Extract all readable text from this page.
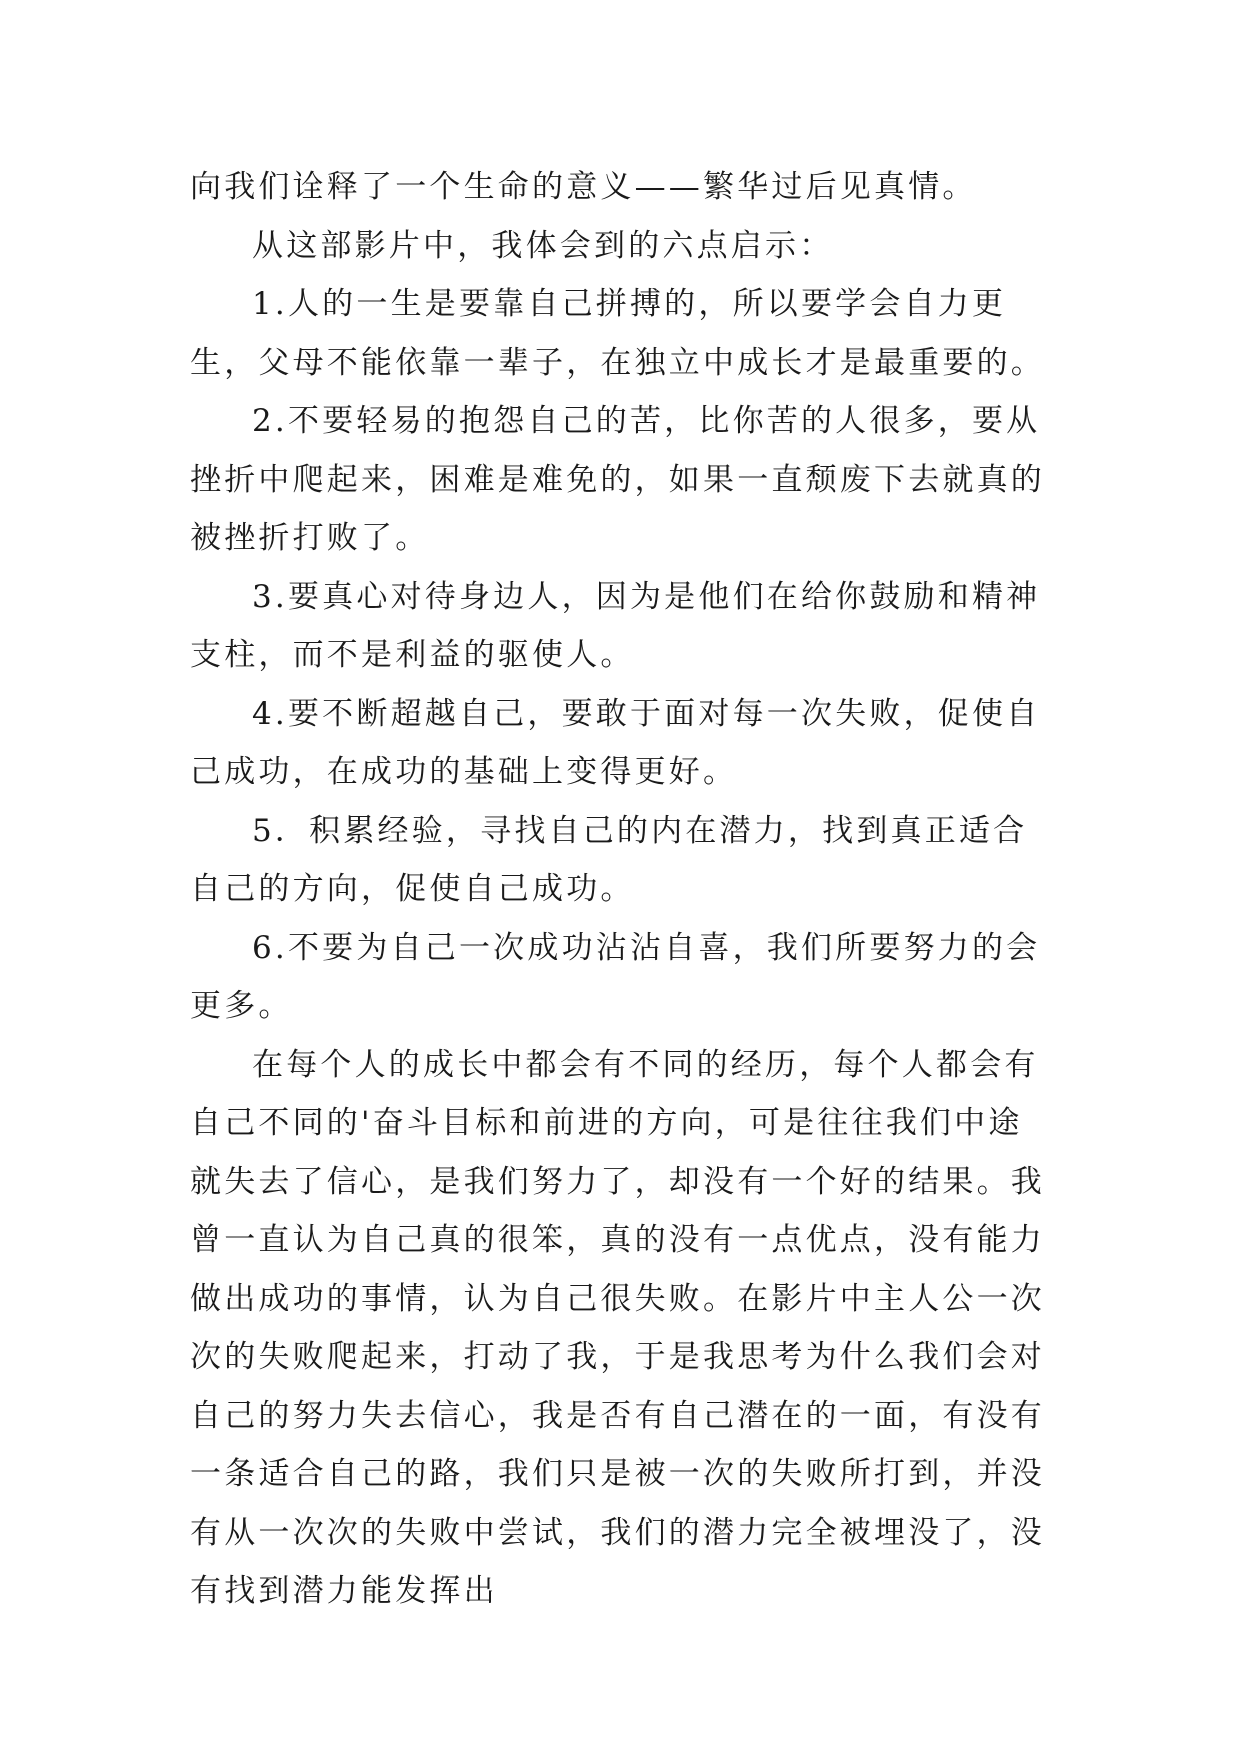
向我们诠释了一个生命的意义——繁华过后见真情。

从这部影片中，我体会到的六点启示：

1.人的一生是要靠自己拼搏的，所以要学会自力更生，父母不能依靠一辈子，在独立中成长才是最重要的。

2.不要轻易的抱怨自己的苦，比你苦的人很多，要从挫折中爬起来，困难是难免的，如果一直颓废下去就真的被挫折打败了。

3.要真心对待身边人，因为是他们在给你鼓励和精神支柱，而不是利益的驱使人。

4.要不断超越自己，要敢于面对每一次失败，促使自己成功，在成功的基础上变得更好。

5．积累经验，寻找自己的内在潜力，找到真正适合自己的方向，促使自己成功。

6.不要为自己一次成功沾沾自喜，我们所要努力的会更多。

在每个人的成长中都会有不同的经历，每个人都会有自己不同的'奋斗目标和前进的方向，可是往往我们中途就失去了信心，是我们努力了，却没有一个好的结果。我曾一直认为自己真的很笨，真的没有一点优点，没有能力做出成功的事情，认为自己很失败。在影片中主人公一次次的失败爬起来，打动了我，于是我思考为什么我们会对自己的努力失去信心，我是否有自己潜在的一面，有没有一条适合自己的路，我们只是被一次的失败所打到，并没有从一次次的失败中尝试，我们的潜力完全被埋没了，没有找到潜力能发挥出
